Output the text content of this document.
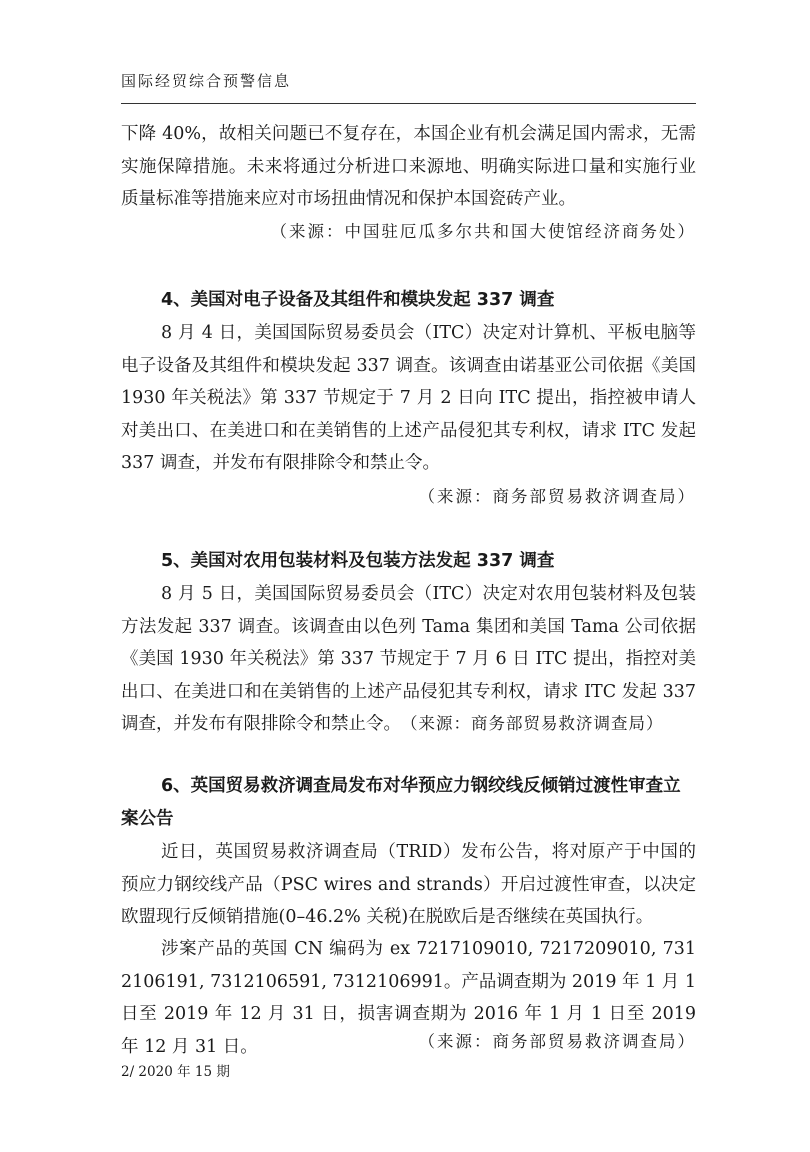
国际经贸综合预警信息
下降 40%，故相关问题已不复存在，本国企业有机会满足国内需求，无需实施保障措施。未来将通过分析进口来源地、明确实际进口量和实施行业质量标准等措施来应对市场扭曲情况和保护本国瓷砖产业。
（来源：中国驻厄瓜多尔共和国大使馆经济商务处）
4、美国对电子设备及其组件和模块发起 337 调查
8 月 4 日，美国国际贸易委员会（ITC）决定对计算机、平板电脑等电子设备及其组件和模块发起 337 调查。该调查由诺基亚公司依据《美国 1930 年关税法》第 337 节规定于 7 月 2 日向 ITC 提出，指控被申请人对美出口、在美进口和在美销售的上述产品侵犯其专利权，请求 ITC 发起 337 调查，并发布有限排除令和禁止令。
（来源：商务部贸易救济调查局）
5、美国对农用包装材料及包装方法发起 337 调查
8 月 5 日，美国国际贸易委员会（ITC）决定对农用包装材料及包装方法发起 337 调查。该调查由以色列 Tama 集团和美国 Tama 公司依据《美国 1930 年关税法》第 337 节规定于 7 月 6 日 ITC 提出，指控对美出口、在美进口和在美销售的上述产品侵犯其专利权，请求 ITC 发起 337 调查，并发布有限排除令和禁止令。（来源：商务部贸易救济调查局）
6、英国贸易救济调查局发布对华预应力钢绞线反倾销过渡性审查立案公告
近日，英国贸易救济调查局（TRID）发布公告，将对原产于中国的预应力钢绞线产品（PSC wires and strands）开启过渡性审查，以决定欧盟现行反倾销措施(0–46.2% 关税)在脱欧后是否继续在英国执行。
涉案产品的英国 CN 编码为 ex 7217109010, 7217209010, 7312106191, 7312106591, 7312106991。产品调查期为 2019 年 1 月 1 日至 2019 年 12 月 31 日，损害调查期为 2016 年 1 月 1 日至 2019 年 12 月 31 日。	（来源：商务部贸易救济调查局）
2/ 2020 年 15 期
